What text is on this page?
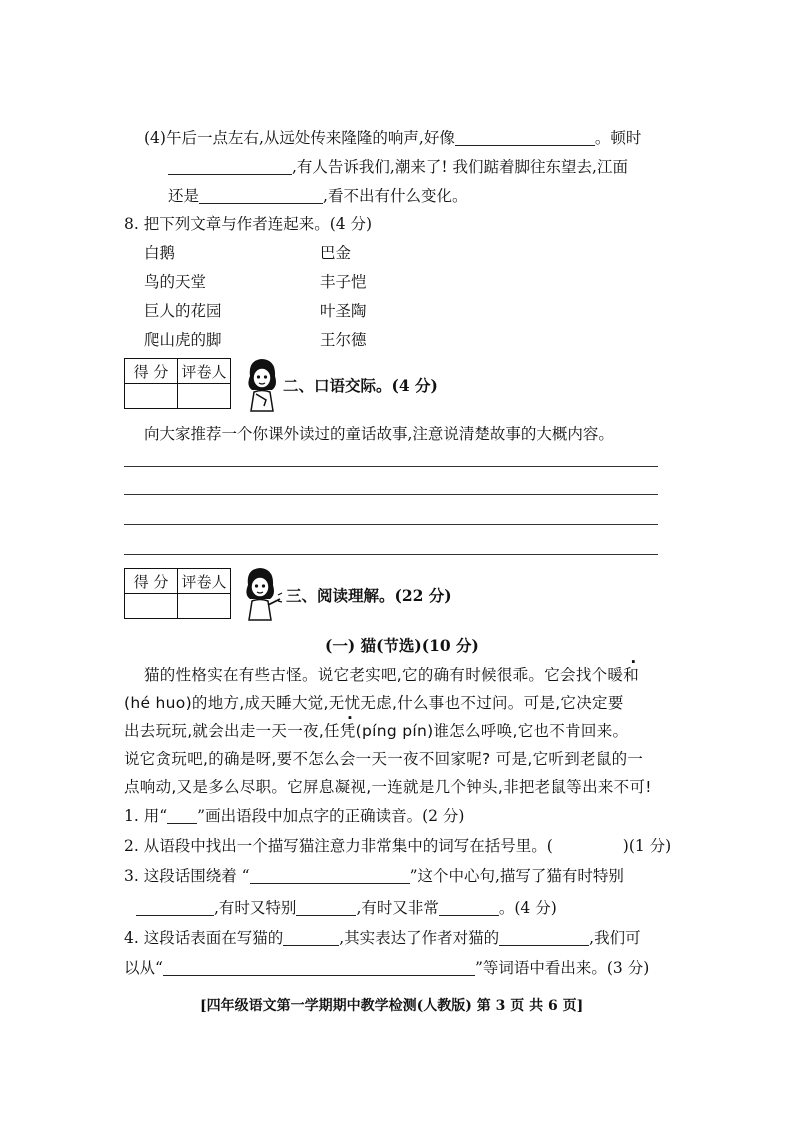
(4)午后一点左右,从远处传来隆隆的响声,好像	。顿时
,有人告诉我们,潮来了! 我们踮着脚往东望去,江面
还是	,看不出有什么变化。
8. 把下列文章与作者连起来。(4 分)
白鹅	巴金
鸟的天堂	丰子恺
巨人的花园	叶圣陶
爬山虎的脚	王尔德
得 分	评卷人

二、口语交际。(4 分)
向大家推荐一个你课外读过的童话故事,注意说清楚故事的大概内容。
得 分	评卷人

三、阅读理解。(22 分)
(一) 猫(节选)(10 分)
猫的性格实在有些古怪。说它老实吧,它的确有时候很乖。它会找个暖和
(hé huo)的地方,成天睡大觉,无忧无虑,什么事也不过问。可是,它决定要
出去玩玩,就会出走一天一夜,任凭(píng pín)谁怎么呼唤,它也不肯回来。
说它贪玩吧,的确是呀,要不怎么会一天一夜不回家呢? 可是,它听到老鼠的一
点响动,又是多么尽职。它屏息凝视,一连就是几个钟头,非把老鼠等出来不可!
1. 用“ ”画出语段中加点字的正确读音。(2 分)
2. 从语段中找出一个描写猫注意力非常集中的词写在括号里。(	)(1 分)
3. 这段话围绕着 “	”这个中心句,描写了猫有时特别
,有时又特别	,有时又非常	。(4 分)
4. 这段话表面在写猫的	,其实表达了作者对猫的	,我们可
以从“	”等词语中看出来。(3 分)
[四年级语文第一学期期中教学检测(人教版) 第 3 页 共 6 页]
